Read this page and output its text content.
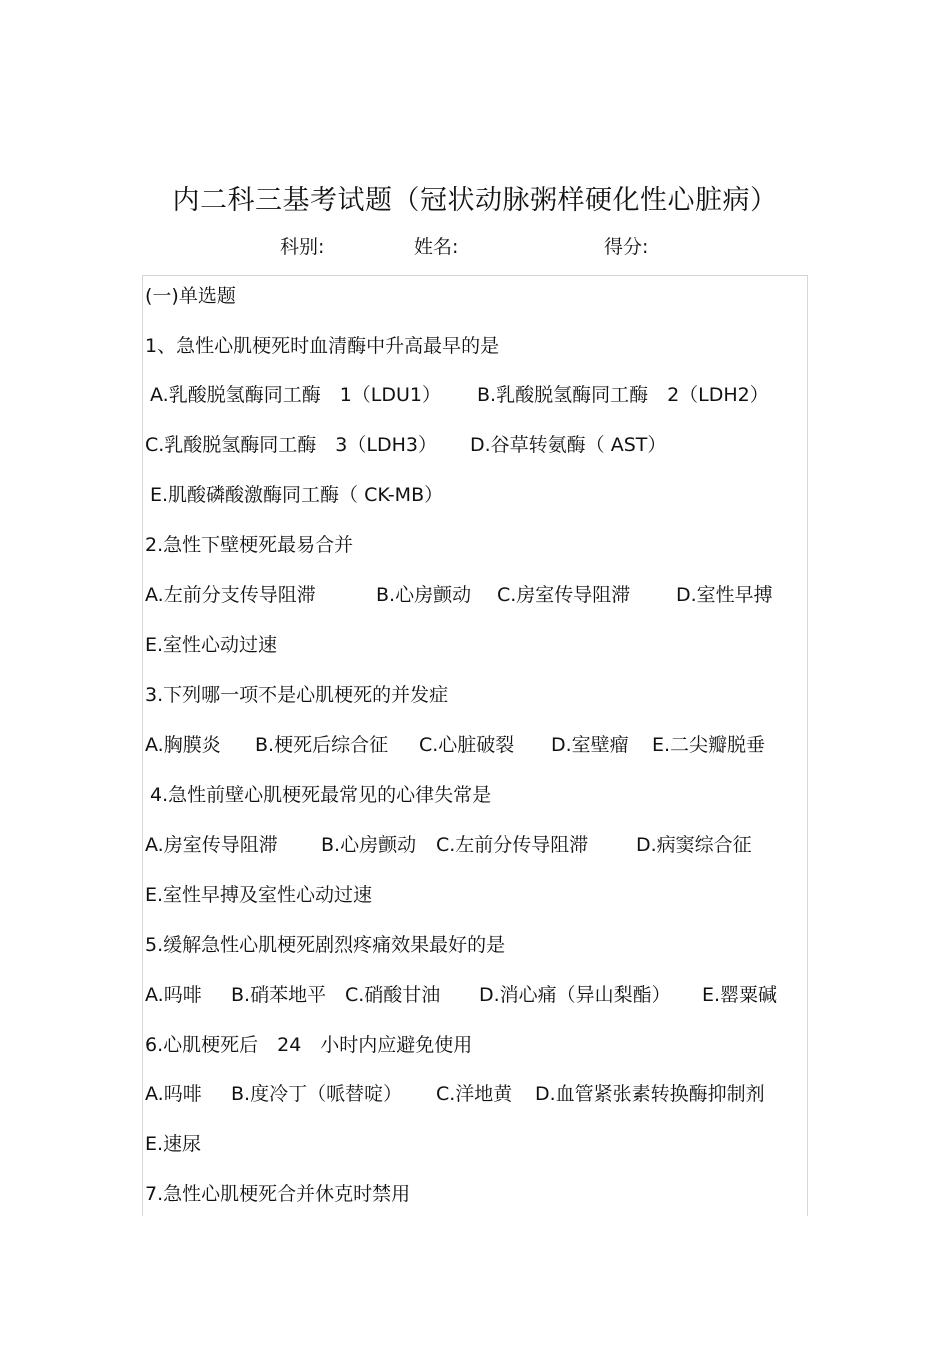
内二科三基考试题（冠状动脉粥样硬化性心脏病）
科别:	姓名:	得分:
(一)单选题
1、急性心肌梗死时血清酶中升高最早的是
A.乳酸脱氢酶同工酶　1（LDU1） B.乳酸脱氢酶同工酶　2（LDH2）
C.乳酸脱氢酶同工酶　3（LDH3） D.谷草转氨酶（ AST）
E.肌酸磷酸激酶同工酶（ CK-MB）
2.急性下壁梗死最易合并
A.左前分支传导阻滞	B.心房颤动 C.房室传导阻滞 D.室性早搏
E.室性心动过速
3.下列哪一项不是心肌梗死的并发症
A.胸膜炎 B.梗死后综合征 C.心脏破裂 D.室壁瘤 E.二尖瓣脱垂
4.急性前壁心肌梗死最常见的心律失常是
A.房室传导阻滞 B.心房颤动 C.左前分传导阻滞	D.病窦综合征
E.室性早搏及室性心动过速
5.缓解急性心肌梗死剧烈疼痛效果最好的是
A.吗啡 B.硝苯地平 C.硝酸甘油 D.消心痛（异山梨酯） E.罂粟碱
6.心肌梗死后　24　小时内应避免使用
A.吗啡 B.度冷丁（哌替啶） C.洋地黄 D.血管紧张素转换酶抑制剂
E.速尿
7.急性心肌梗死合并休克时禁用
